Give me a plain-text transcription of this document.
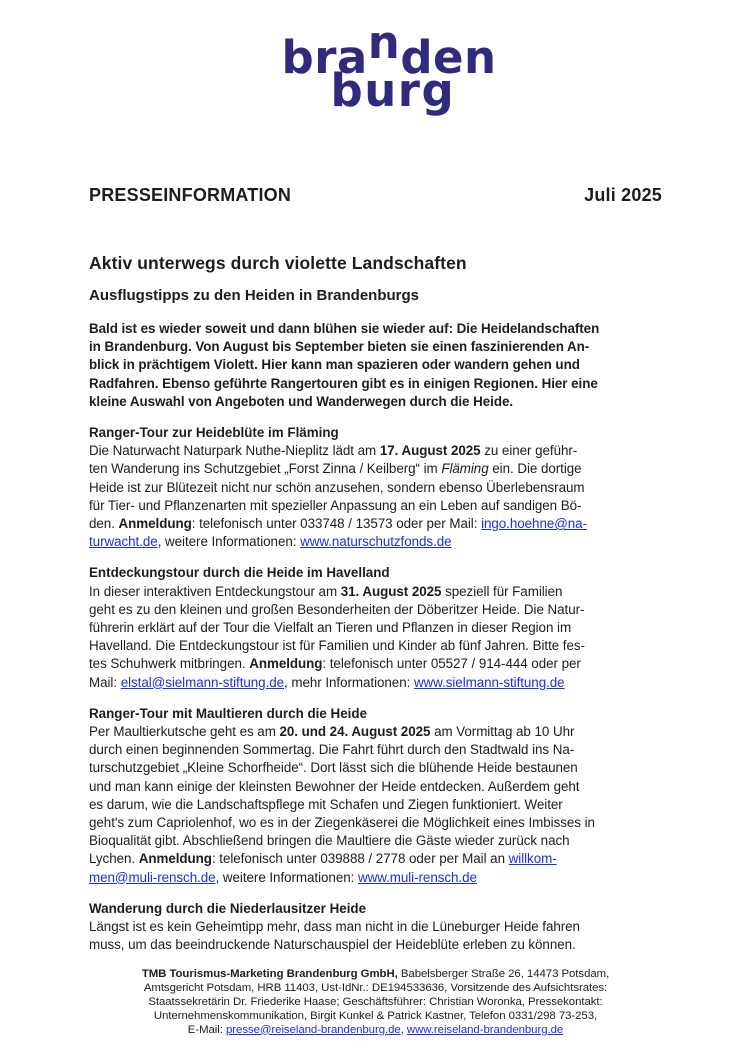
branden
burg
PRESSEINFORMATION	Juli 2025
Aktiv unterwegs durch violette Landschaften
Ausflugstipps zu den Heiden in Brandenburgs
Bald ist es wieder soweit und dann blühen sie wieder auf: Die Heidelandschaften
in Brandenburg. Von August bis September bieten sie einen faszinierenden An-
blick in prächtigem Violett. Hier kann man spazieren oder wandern gehen und
Radfahren. Ebenso geführte Rangertouren gibt es in einigen Regionen. Hier eine
kleine Auswahl von Angeboten und Wanderwegen durch die Heide.
Ranger-Tour zur Heideblüte im Fläming
Die Naturwacht Naturpark Nuthe-Nieplitz lädt am 17. August 2025 zu einer geführ-
ten Wanderung ins Schutzgebiet „Forst Zinna / Keilberg“ im Fläming ein. Die dortige
Heide ist zur Blütezeit nicht nur schön anzusehen, sondern ebenso Überlebensraum
für Tier- und Pflanzenarten mit spezieller Anpassung an ein Leben auf sandigen Bö-
den. Anmeldung: telefonisch unter 033748 / 13573 oder per Mail: ingo.hoehne@na-
turwacht.de, weitere Informationen: www.naturschutzfonds.de
Entdeckungstour durch die Heide im Havelland
In dieser interaktiven Entdeckungstour am 31. August 2025 speziell für Familien
geht es zu den kleinen und großen Besonderheiten der Döberitzer Heide. Die Natur-
führerin erklärt auf der Tour die Vielfalt an Tieren und Pflanzen in dieser Region im
Havelland. Die Entdeckungstour ist für Familien und Kinder ab fünf Jahren. Bitte fes-
tes Schuhwerk mitbringen. Anmeldung: telefonisch unter 05527 / 914-444 oder per
Mail: elstal@sielmann-stiftung.de, mehr Informationen: www.sielmann-stiftung.de
Ranger-Tour mit Maultieren durch die Heide
Per Maultierkutsche geht es am 20. und 24. August 2025 am Vormittag ab 10 Uhr
durch einen beginnenden Sommertag. Die Fahrt führt durch den Stadtwald ins Na-
turschutzgebiet „Kleine Schorfheide“. Dort lässt sich die blühende Heide bestaunen
und man kann einige der kleinsten Bewohner der Heide entdecken. Außerdem geht
es darum, wie die Landschaftspflege mit Schafen und Ziegen funktioniert. Weiter
geht's zum Capriolenhof, wo es in der Ziegenkäserei die Möglichkeit eines Imbisses in
Bioqualität gibt. Abschließend bringen die Maultiere die Gäste wieder zurück nach
Lychen. Anmeldung: telefonisch unter 039888 / 2778 oder per Mail an willkom-
men@muli-rensch.de, weitere Informationen: www.muli-rensch.de
Wanderung durch die Niederlausitzer Heide
Längst ist es kein Geheimtipp mehr, dass man nicht in die Lüneburger Heide fahren
muss, um das beeindruckende Naturschauspiel der Heideblüte erleben zu können.
TMB Tourismus-Marketing Brandenburg GmbH, Babelsberger Straße 26, 14473 Potsdam,
Amtsgericht Potsdam, HRB 11403, Ust-IdNr.: DE194533636, Vorsitzende des Aufsichtsrates:
Staatssekretärin Dr. Friederike Haase; Geschäftsführer: Christian Woronka, Pressekontakt:
Unternehmenskommunikation, Birgit Kunkel & Patrick Kastner, Telefon 0331/298 73-253,
E-Mail: presse@reiseland-brandenburg.de, www.reiseland-brandenburg.de
